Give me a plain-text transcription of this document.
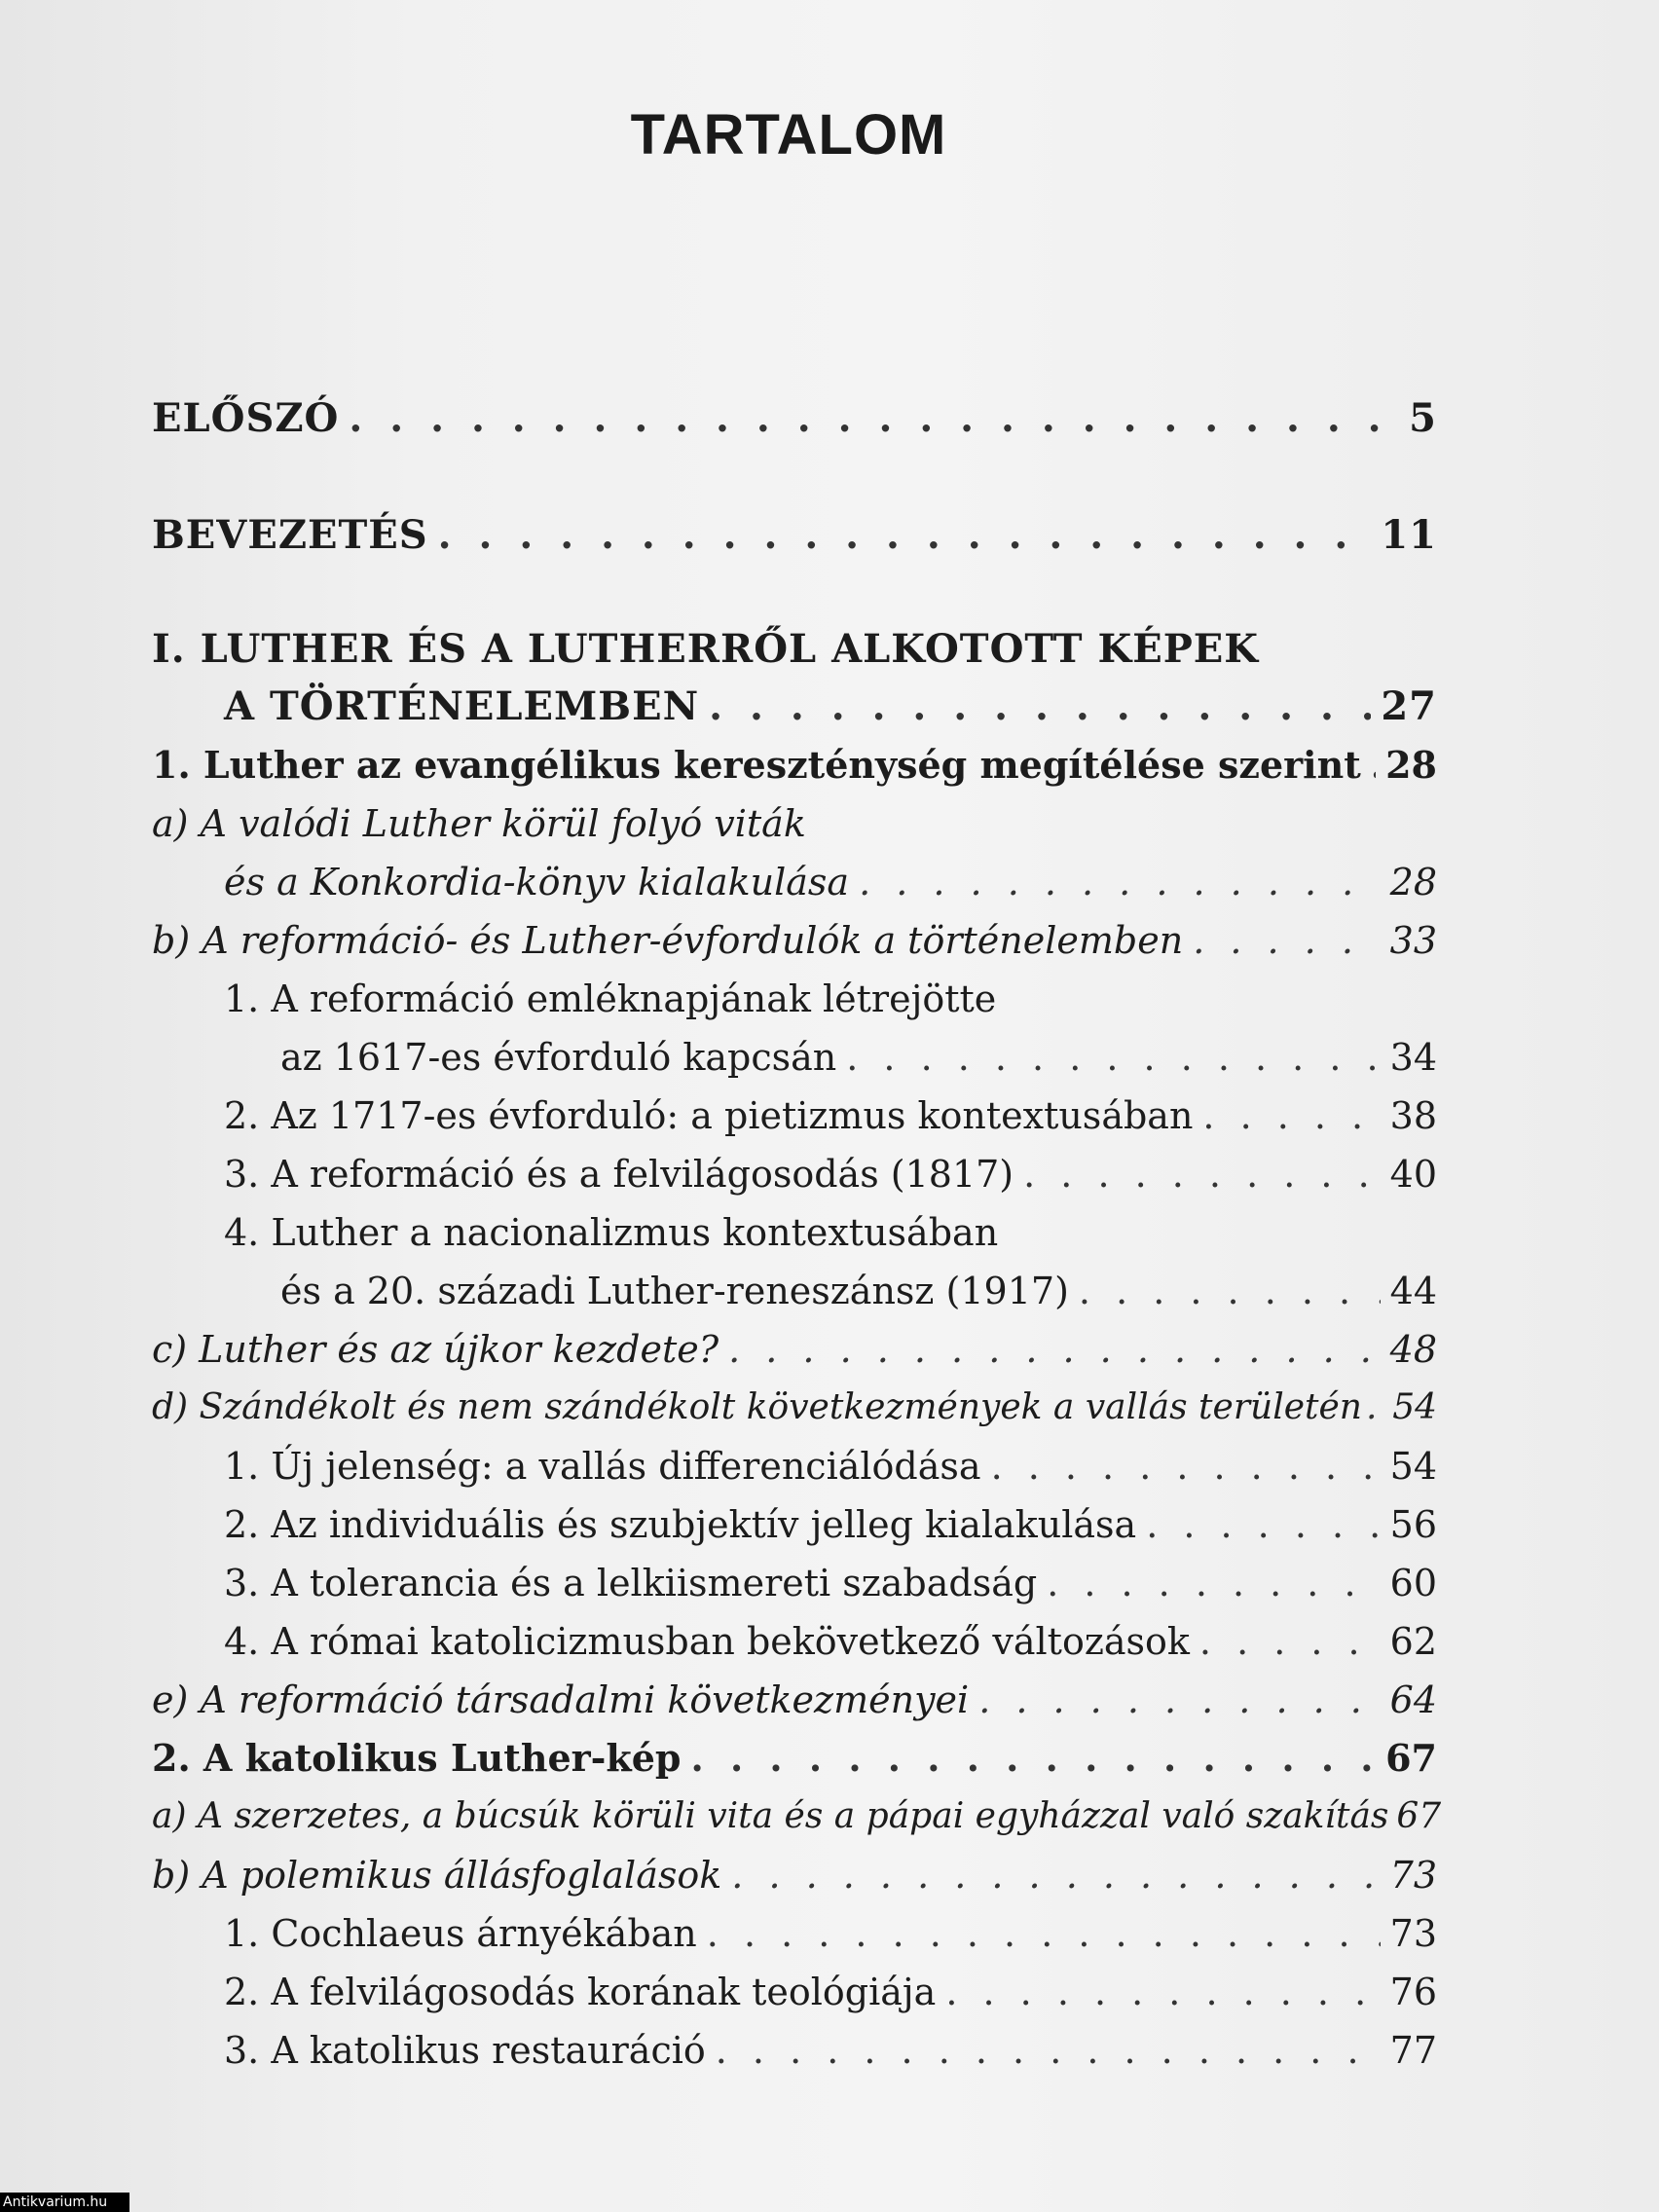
TARTALOM
ELŐSZÓ . . .	5
BEVEZETÉS . . .	11
I. LUTHER ÉS A LUTHERRŐL ALKOTOTT KÉPEK
A TÖRTÉNELEMBEN . . .	27
1. Luther az evangélikus kereszténység megítélése szerint . . . 28
a) A valódi Luther körül folyó viták
és a Konkordia-könyv kialakulása . . .	28
b) A reformáció- és Luther-évfordulók a történelemben . . .	33
1. A reformáció emléknapjának létrejötte
az 1617-es évforduló kapcsán . . .	34
2. Az 1717-es évforduló: a pietizmus kontextusában . . .	38
3. A reformáció és a felvilágosodás (1817) . . .	40
4. Luther a nacionalizmus kontextusában
és a 20. századi Luther-reneszánsz (1917) . . .	44
c) Luther és az újkor kezdete? . . .	48
d) Szándékolt és nem szándékolt következmények a vallás területén . . . 54
1. Új jelenség: a vallás differenciálódása . . .	54
2. Az individuális és szubjektív jelleg kialakulása . . .	56
3. A tolerancia és a lelkiismereti szabadság . . .	60
4. A római katolicizmusban bekövetkező változások . . .	62
e) A reformáció társadalmi következményei . . .	64
2. A katolikus Luther-kép . . .	67
a) A szerzetes, a búcsúk körüli vita és a pápai egyházzal való szakítás 67
b) A polemikus állásfoglalások . . .	73
1. Cochlaeus árnyékában . . .	73
2. A felvilágosodás korának teológiája . . .	76
3. A katolikus restauráció . . .	77
Antikvarium.hu
